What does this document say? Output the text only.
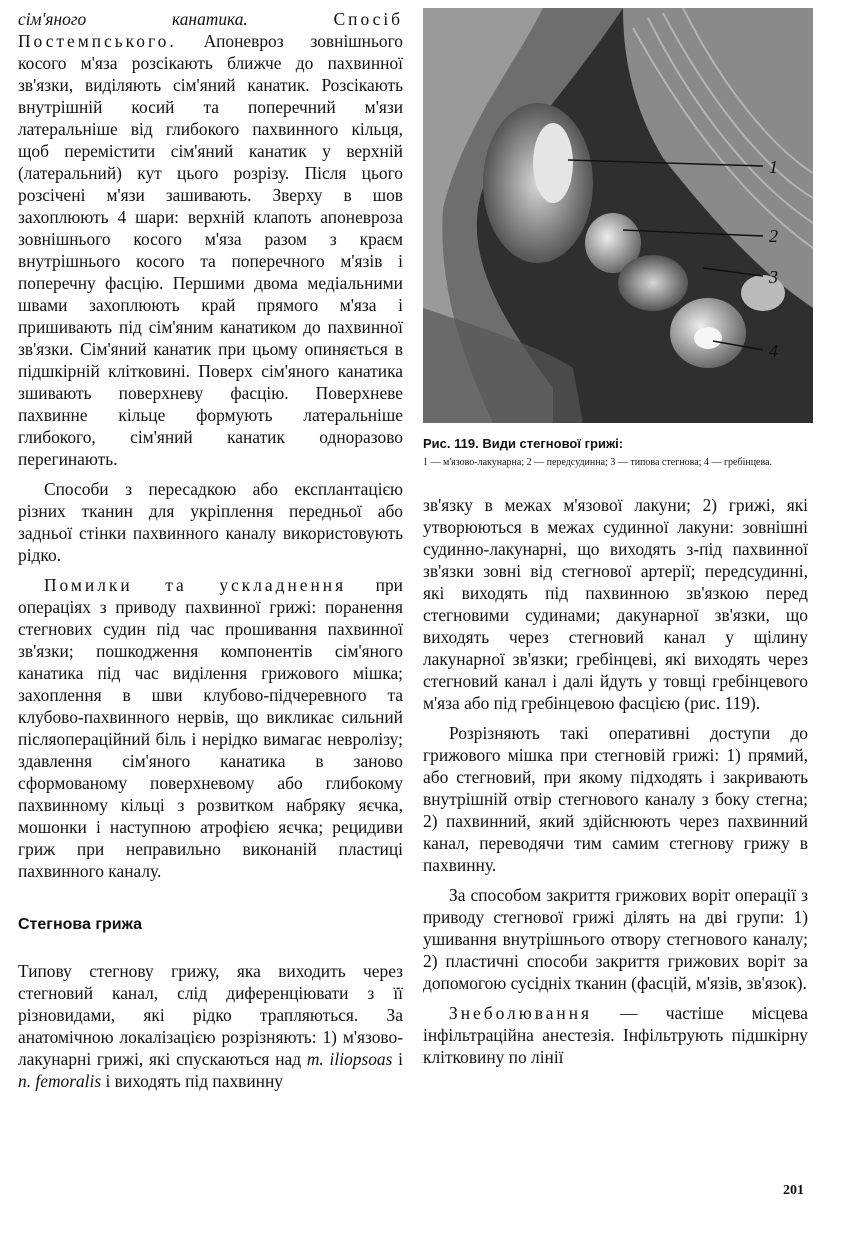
сім'яного канатика.	Спосіб Постемпського. Апоневроз зовнішнього косого м'яза розсікають ближче до пахвинної зв'язки, виділяють сім'яний канатик. Розсікають внутрішній косий та поперечний м'язи латеральніше від глибокого пахвинного кільця, щоб перемістити сім'яний канатик у верхній (латеральний) кут цього розрізу. Після цього розсічені м'язи зашивають. Зверху в шов захоплюють 4 шари: верхній клапоть апоневроза зовнішнього косого м'яза разом з краєм внутрішнього косого та поперечного м'язів і поперечну фасцію. Першими двома медіальними швами захоплюють край прямого м'яза і пришивають під сім'яним канатиком до пахвинної зв'язки. Сім'яний канатик при цьому опиняється в підшкірній клітковині. Поверх сім'яного канатика зшивають поверхневу фасцію. Поверхневе пахвинне кільце формують латеральніше глибокого, сім'яний канатик одноразово перегинають.

Способи з пересадкою або експлантацією різних тканин для укріплення передньої або задньої стінки пахвинного каналу використовують рідко.

Помилки та ускладнення при операціях з приводу пахвинної грижі: поранення стегнових судин під час прошивання пахвинної зв'язки; пошкодження компонентів сім'яного канатика під час виділення грижового мішка; захоплення в шви клубово-підчеревного та клубово-пахвинного нервів, що викликає сильний післяопераційний біль і нерідко вимагає невролізу; здавлення сім'яного канатика в заново сформованому поверхневому або глибокому пахвинному кільці з розвитком набряку яєчка, мошонки і наступною атрофією яєчка; рецидиви гриж при неправильно виконаній пластиці пахвинного каналу.

Стегнова грижа

Типову стегнову грижу, яка виходить через стегновий канал, слід диференціювати з її різновидами, які рідко трапляються. За анатомічною локалізацією розрізняють: 1) м'язово-лакунарні грижі, які спускаються над m. iliopsoas і n. femoralis і виходять під пахвинну

1
2
3
4

Рис. 119. Види стегнової грижі:

1 — м'язово-лакунарна; 2 — передсудинна; 3 — типова стегнова; 4 — гребінцева.

зв'язку в межах м'язової лакуни; 2) грижі, які утворюються в межах судинної лакуни: зовнішні судинно-лакунарні, що виходять з-під пахвинної зв'язки зовні від стегнової артерії; передсудинні, які виходять під пахвинною зв'язкою перед стегновими судинами; дакунарної зв'язки, що виходять через стегновий канал у щілину лакунарної зв'язки; гребінцеві, які виходять через стегновий канал і далі йдуть у товщі гребінцевого м'яза або під гребінцевою фасцією (рис. 119).

Розрізняють такі оперативні доступи до грижового мішка при стегновій грижі: 1) прямий, або стегновий, при якому підходять і закривають внутрішній отвір стегнового каналу з боку стегна; 2) пахвинний, який здійснюють через пахвинний канал, переводячи тим самим стегнову грижу в пахвинну.

За способом закриття грижових воріт операції з приводу стегнової грижі ділять на дві групи: 1) ушивання внутрішнього отвору стегнового каналу; 2) пластичні способи закриття грижових воріт за допомогою сусідніх тканин (фасцій, м'язів, зв'язок).

Знеболювання — частіше місцева інфільтраційна анестезія. Інфільтрують підшкірну клітковину по лінії

201
